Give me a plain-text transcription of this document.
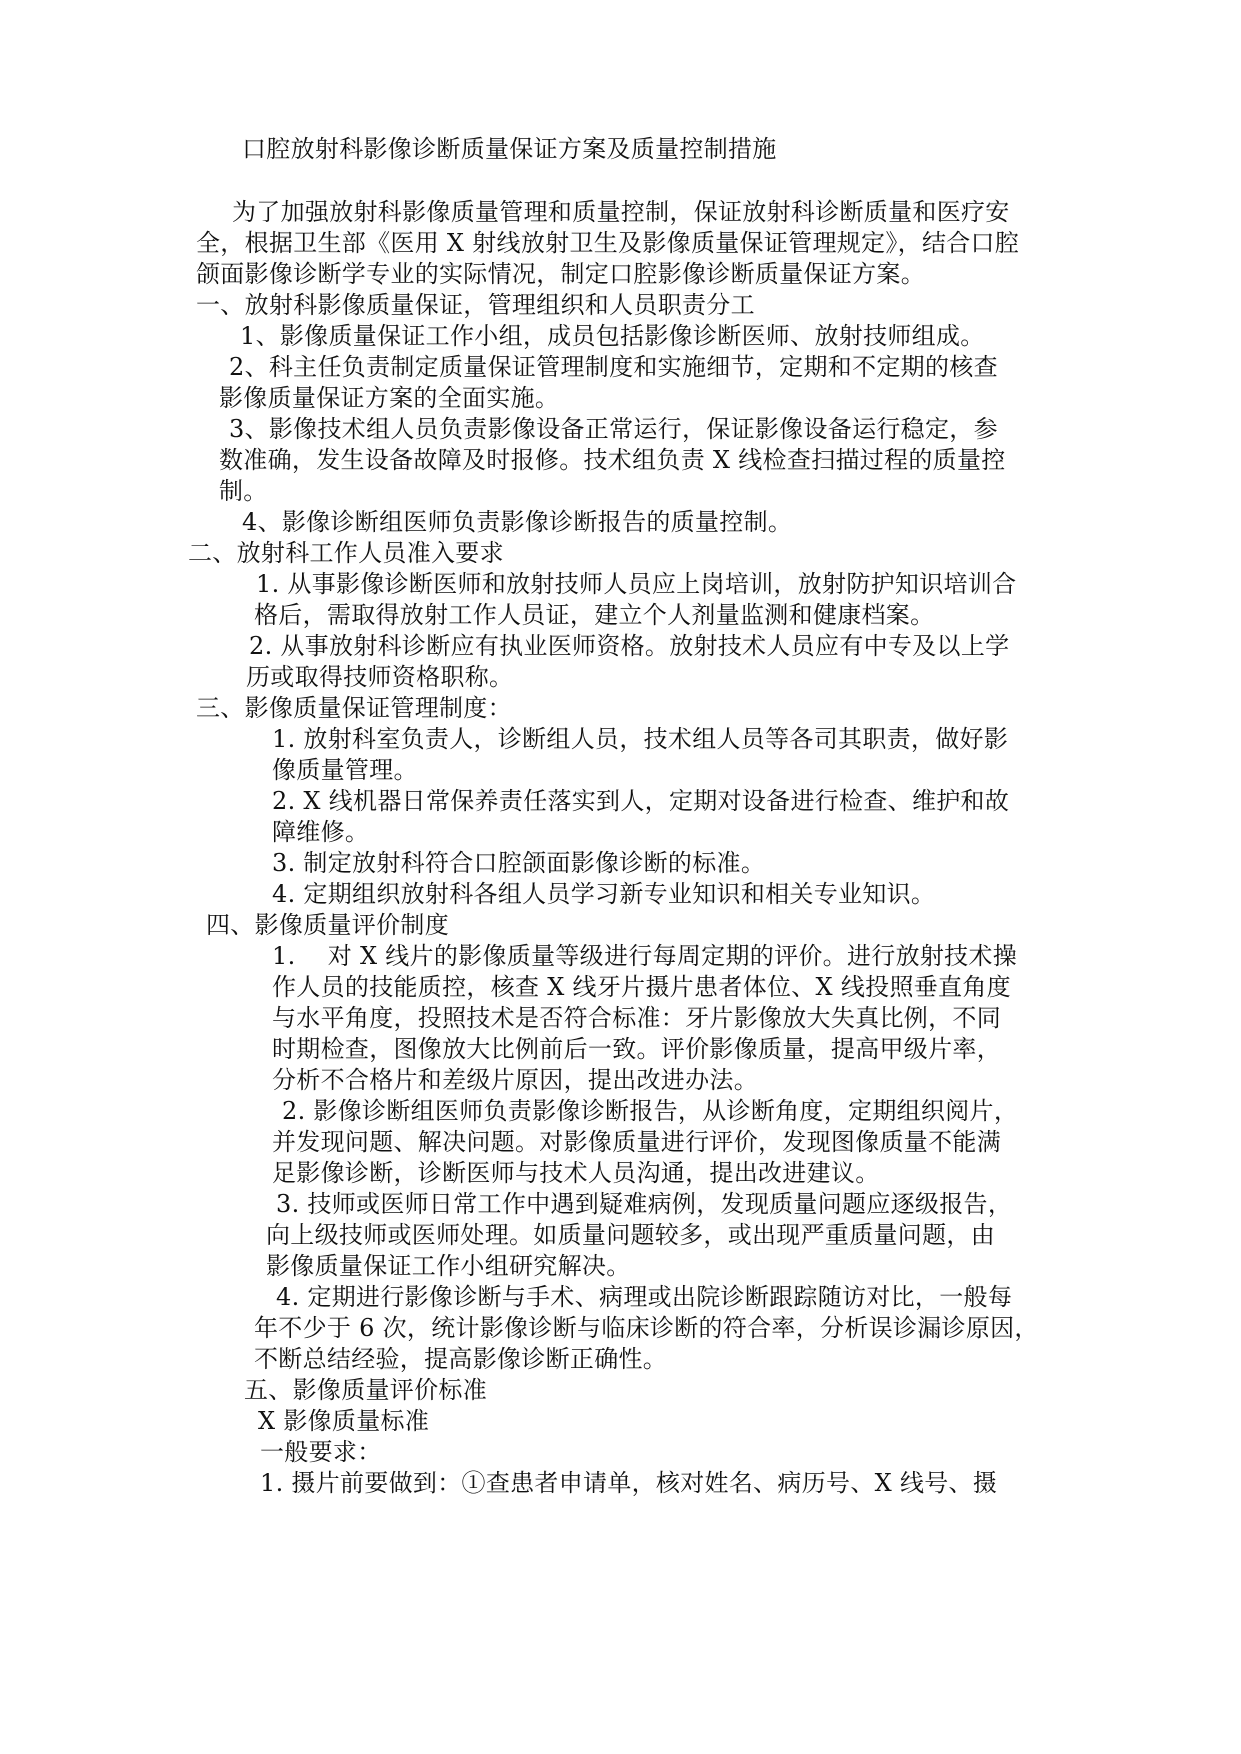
口腔放射科影像诊断质量保证方案及质量控制措施
为了加强放射科影像质量管理和质量控制，保证放射科诊断质量和医疗安
全，根据卫生部《医用 X 射线放射卫生及影像质量保证管理规定》，结合口腔
颌面影像诊断学专业的实际情况，制定口腔影像诊断质量保证方案。
一、放射科影像质量保证，管理组织和人员职责分工
1、影像质量保证工作小组，成员包括影像诊断医师、放射技师组成。
2、科主任负责制定质量保证管理制度和实施细节，定期和不定期的核查
影像质量保证方案的全面实施。
3、影像技术组人员负责影像设备正常运行，保证影像设备运行稳定，参
数准确，发生设备故障及时报修。技术组负责 X 线检查扫描过程的质量控
制。
4、影像诊断组医师负责影像诊断报告的质量控制。
二、放射科工作人员准入要求
1. 从事影像诊断医师和放射技师人员应上岗培训，放射防护知识培训合
格后，需取得放射工作人员证，建立个人剂量监测和健康档案。
2. 从事放射科诊断应有执业医师资格。放射技术人员应有中专及以上学
历或取得技师资格职称。
三、影像质量保证管理制度：
1. 放射科室负责人，诊断组人员，技术组人员等各司其职责，做好影
像质量管理。
2. X 线机器日常保养责任落实到人，定期对设备进行检查、维护和故
障维修。
3. 制定放射科符合口腔颌面影像诊断的标准。
4. 定期组织放射科各组人员学习新专业知识和相关专业知识。
四、影像质量评价制度
1.　 对 X 线片的影像质量等级进行每周定期的评价。进行放射技术操
作人员的技能质控，核查 X 线牙片摄片患者体位、X 线投照垂直角度
与水平角度，投照技术是否符合标准：牙片影像放大失真比例，不同
时期检查，图像放大比例前后一致。评价影像质量，提高甲级片率，
分析不合格片和差级片原因，提出改进办法。
2. 影像诊断组医师负责影像诊断报告，从诊断角度，定期组织阅片，
并发现问题、解决问题。对影像质量进行评价，发现图像质量不能满
足影像诊断，诊断医师与技术人员沟通，提出改进建议。
3. 技师或医师日常工作中遇到疑难病例，发现质量问题应逐级报告，
向上级技师或医师处理。如质量问题较多，或出现严重质量问题，由
影像质量保证工作小组研究解决。
4. 定期进行影像诊断与手术、病理或出院诊断跟踪随访对比，一般每
年不少于 6 次，统计影像诊断与临床诊断的符合率，分析误诊漏诊原因，
不断总结经验，提高影像诊断正确性。
五、影像质量评价标准
X 影像质量标准
一般要求：
1. 摄片前要做到：①查患者申请单，核对姓名、病历号、X 线号、摄
